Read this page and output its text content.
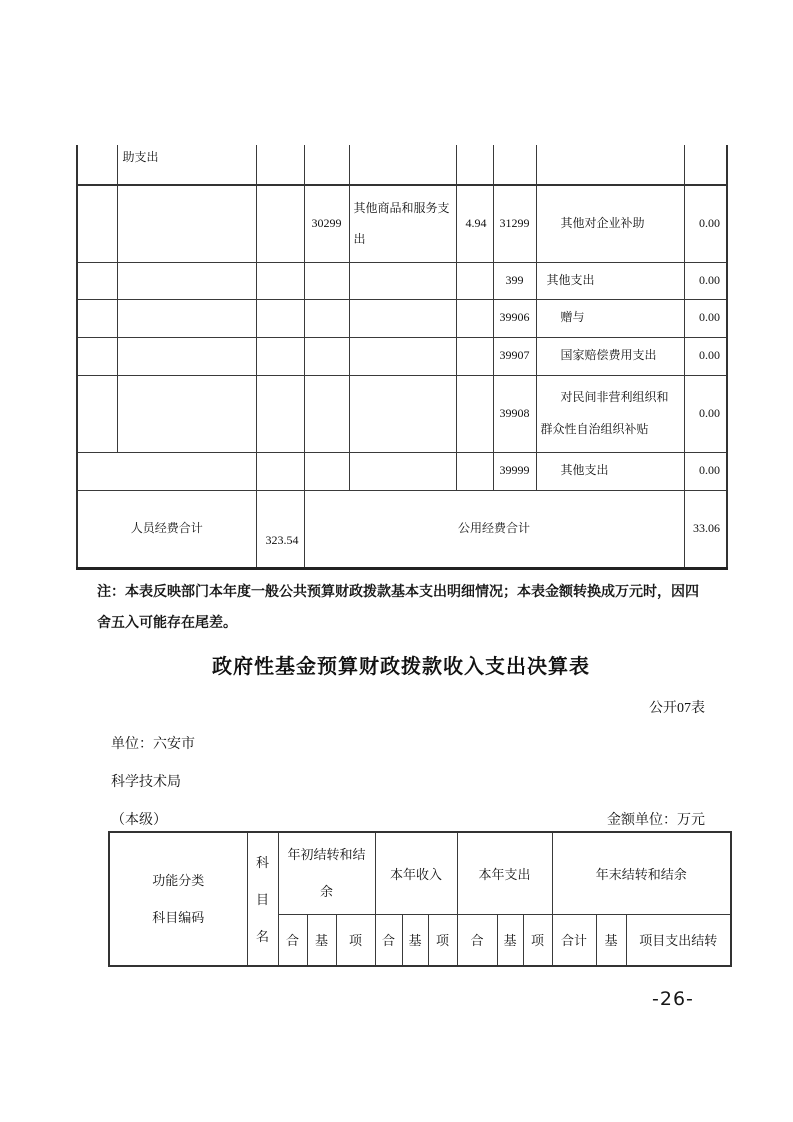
	助支出							
			30299	其他商品和服务支出	4.94	31299	其他对企业补助	0.00
						399	其他支出	0.00
						39906	赠与	0.00
						39907	国家赔偿费用支出	0.00
						39908	对民间非营利组织和群众性自治组织补贴	0.00
						39999	其他支出	0.00
人员经费合计		323.54	公用经费合计					33.06
注：本表反映部门本年度一般公共预算财政拨款基本支出明细情况；本表金额转换成万元时，因四舍五入可能存在尾差。
政府性基金预算财政拨款收入支出决算表
公开07表
单位：六安市
科学技术局
（本级）	金额单位：万元
功能分类科目编码	科目名	年初结转和结余			本年收入			本年支出			年末结转和结余		
		合	基	项	合	基	项	合	基	项	合计	基	项目支出结转
-26-
